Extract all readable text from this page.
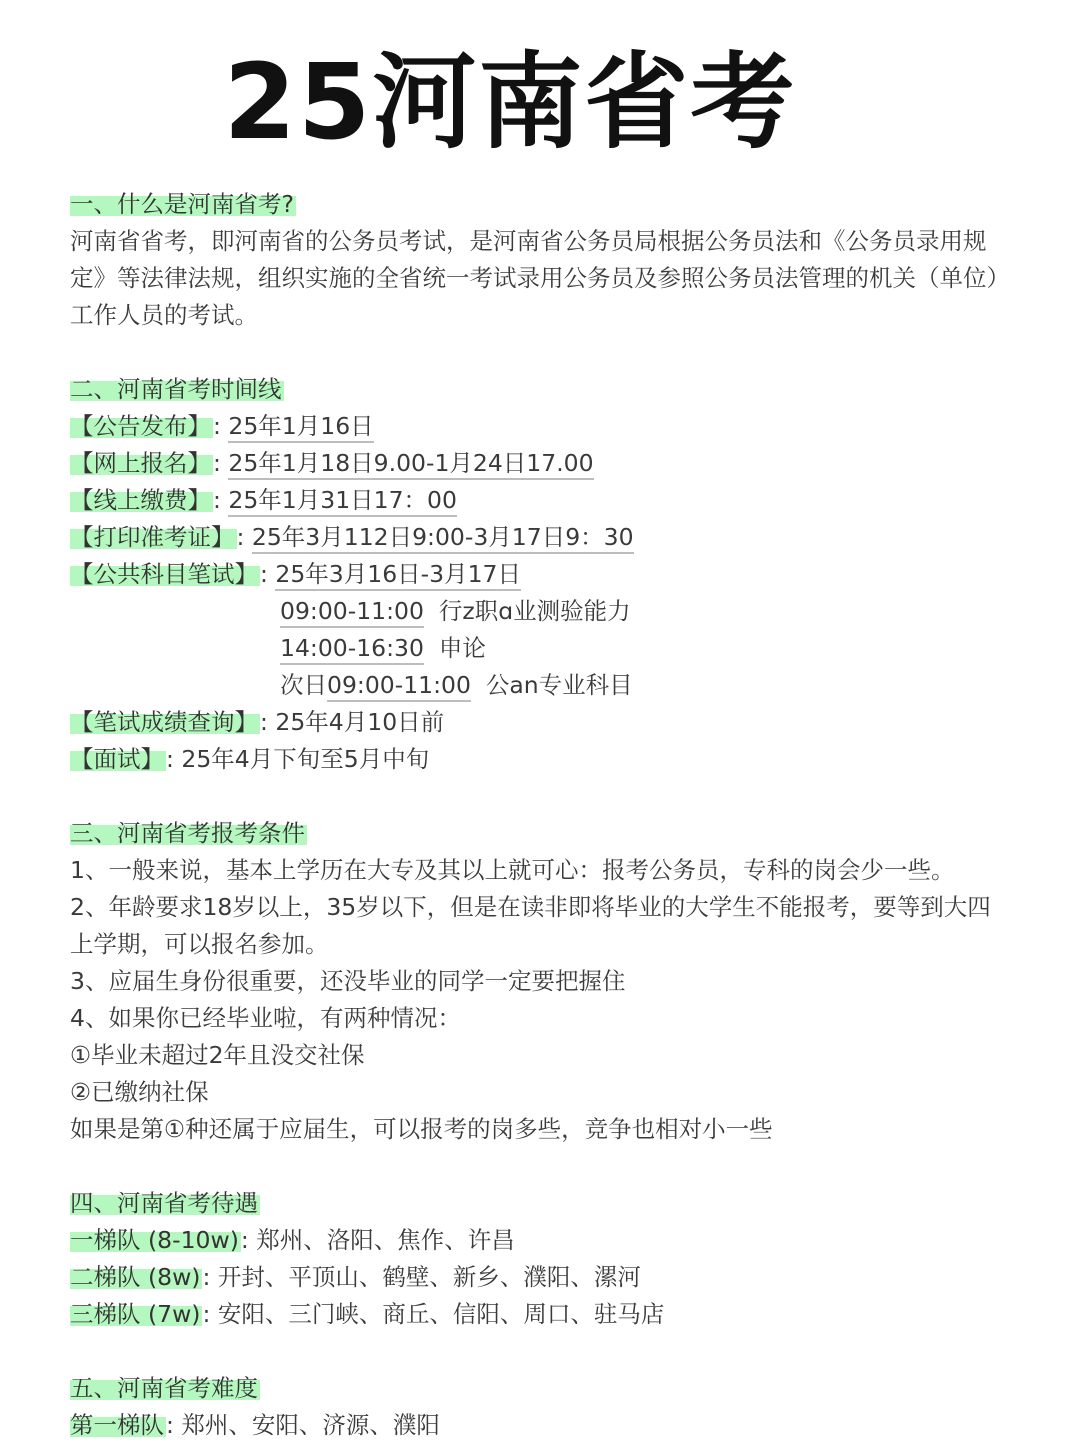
25河南省考

一、什么是河南省考?

河南省省考，即河南省的公务员考试，是河南省公务员局根据公务员法和《公务员录用规定》等法律法规，组织实施的全省统一考试录用公务员及参照公务员法管理的机关（单位）工作人员的考试。

二、河南省考时间线

【公告发布】: 25年1月16日

【网上报名】: 25年1月18日9.00-1月24日17.00

【线上缴费】: 25年1月31日17：00

【打印准考证】: 25年3月112日9:00-3月17日9：30

【公共科目笔试】: 25年3月16日-3月17日

09:00-11:00 行z职ɑ业测验能力

14:00-16:30 申论

次日09:00-11:00 公an专业科目

【笔试成绩查询】: 25年4月10日前

【面试】: 25年4月下旬至5月中旬

三、河南省考报考条件

1、一般来说，基本上学历在大专及其以上就可心：报考公务员，专科的岗会少一些。

2、年龄要求18岁以上，35岁以下，但是在读非即将毕业的大学生不能报考，要等到大四上学期，可以报名参加。

3、应届生身份很重要，还没毕业的同学一定要把握住

4、如果你已经毕业啦，有两种情况：

①毕业未超过2年且没交社保

②已缴纳社保

如果是第①种还属于应届生，可以报考的岗多些，竞争也相对小一些

四、河南省考待遇

一梯队 (8-10w): 郑州、洛阳、焦作、许昌

二梯队 (8w): 开封、平顶山、鹤壁、新乡、濮阳、漯河

三梯队 (7w): 安阳、三门峡、商丘、信阳、周口、驻马店

五、河南省考难度

第一梯队: 郑州、安阳、济源、濮阳
